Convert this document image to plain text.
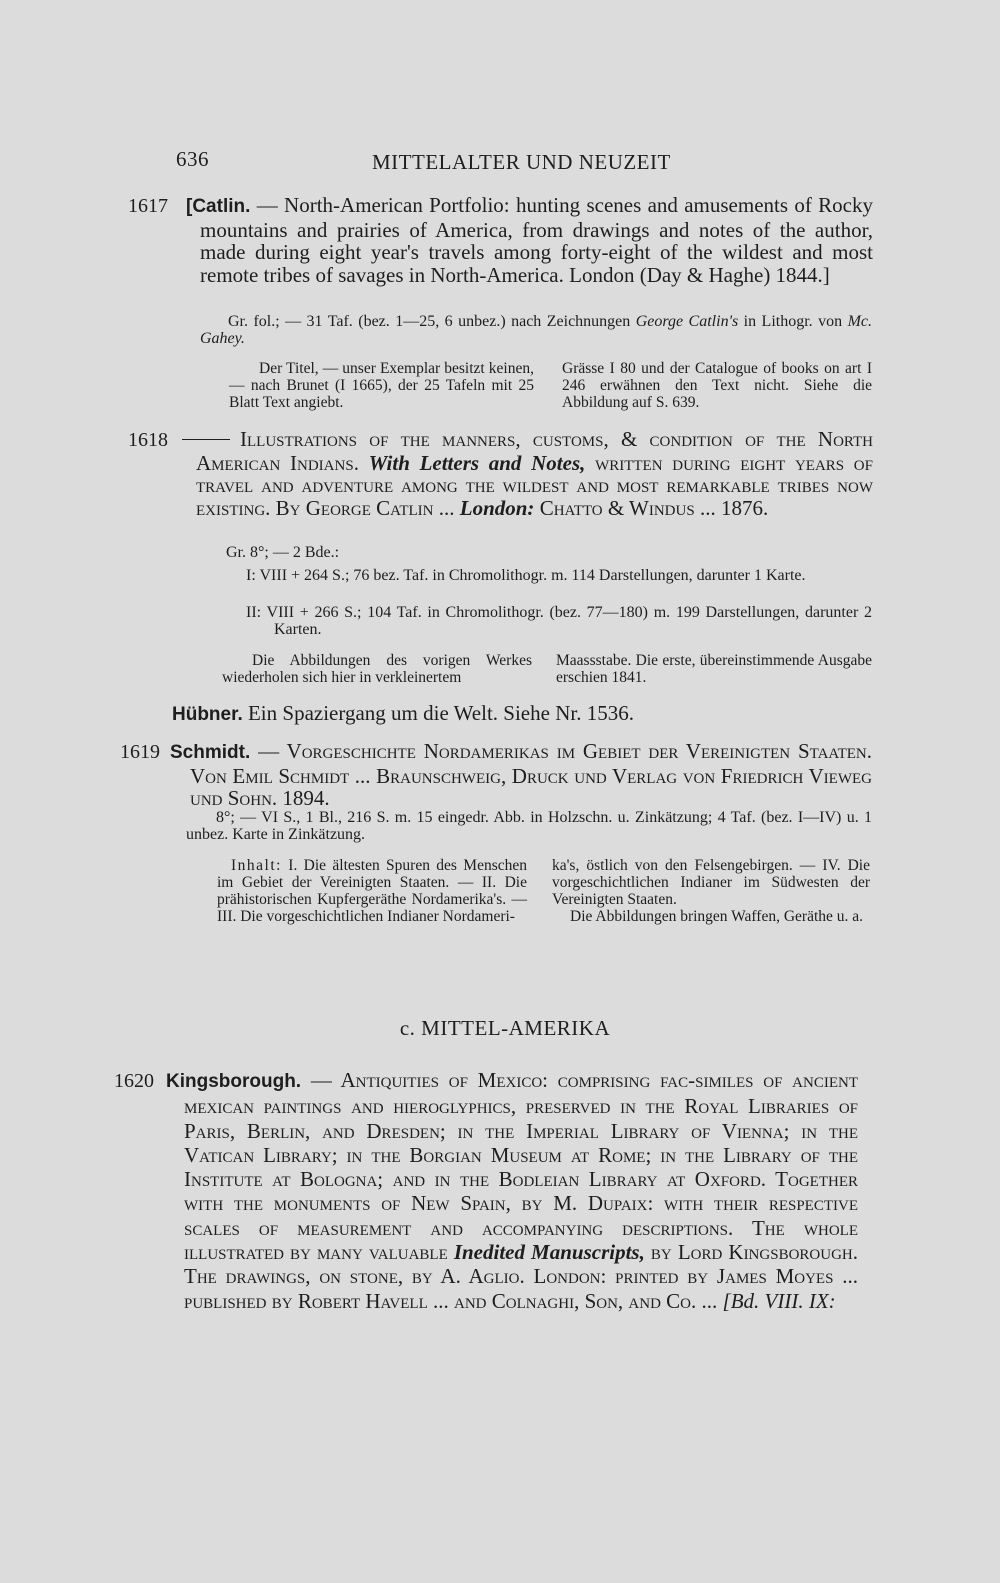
636	MITTELALTER UND NEUZEIT
1617 [Catlin. — North-American Portfolio: hunting scenes and amusements of Rocky mountains and prairies of America, from drawings and notes of the author, made during eight year's travels among forty-eight of the wildest and most remote tribes of savages in North-America. London (Day & Haghe) 1844.]
Gr. fol.; — 31 Taf. (bez. 1—25, 6 unbez.) nach Zeichnungen George Catlin's in Lithogr. von Mc. Gahey.
Der Titel, — unser Exemplar besitzt keinen, — nach Brunet (I 1665), der 25 Tafeln mit 25 Blatt Text angiebt.
Grässe I 80 und der Catalogue of books on art I 246 erwähnen den Text nicht. Siehe die Abbildung auf S. 639.
1618	Illustrations of the manners, customs, & condition of the North American Indians. With Letters and Notes, written during eight years of travel and adventure among the wildest and most remarkable tribes now existing. By George Catlin ... London: Chatto & Windus ... 1876.
Gr. 8°; — 2 Bde.:
I: VIII + 264 S.; 76 bez. Taf. in Chromolithogr. m. 114 Darstellungen, darunter 1 Karte.
II: VIII + 266 S.; 104 Taf. in Chromolithogr. (bez. 77—180) m. 199 Darstellungen, darunter 2 Karten.
Die Abbildungen des vorigen Werkes wiederholen sich hier in verkleinertem
Maassstabe. Die erste, übereinstimmende Ausgabe erschien 1841.
Hübner. Ein Spaziergang um die Welt. Siehe Nr. 1536.
1619 Schmidt. — Vorgeschichte Nordamerikas im Gebiet der Vereinigten Staaten. Von Emil Schmidt ... Braunschweig, Druck und Verlag von Friedrich Vieweg und Sohn. 1894.
8°; — VI S., 1 Bl., 216 S. m. 15 eingedr. Abb. in Holzschn. u. Zinkätzung; 4 Taf. (bez. I—IV) u. 1 unbez. Karte in Zinkätzung.
Inhalt: I. Die ältesten Spuren des Menschen im Gebiet der Vereinigten Staaten. — II. Die prähistorischen Kupfergeräthe Nordamerika's. — III. Die vorgeschichtlichen Indianer Nordameri-
ka's, östlich von den Felsengebirgen. — IV. Die vorgeschichtlichen Indianer im Südwesten der Vereinigten Staaten.
Die Abbildungen bringen Waffen, Geräthe u. a.
c. MITTEL-AMERIKA
1620 Kingsborough. — Antiquities of Mexico: comprising fac-similes of ancient mexican paintings and hieroglyphics, preserved in the Royal Libraries of Paris, Berlin, and Dresden; in the Imperial Library of Vienna; in the Vatican Library; in the Borgian Museum at Rome; in the Library of the Institute at Bologna; and in the Bodleian Library at Oxford. Together with the monuments of New Spain, by M. Dupaix: with their respective scales of measurement and accompanying descriptions. The whole illustrated by many valuable Inedited Manuscripts, by Lord Kingsborough. The drawings, on stone, by A. Aglio. London: printed by James Moyes ... published by Robert Havell ... and Colnaghi, Son, and Co. ... [Bd. VIII. IX:
